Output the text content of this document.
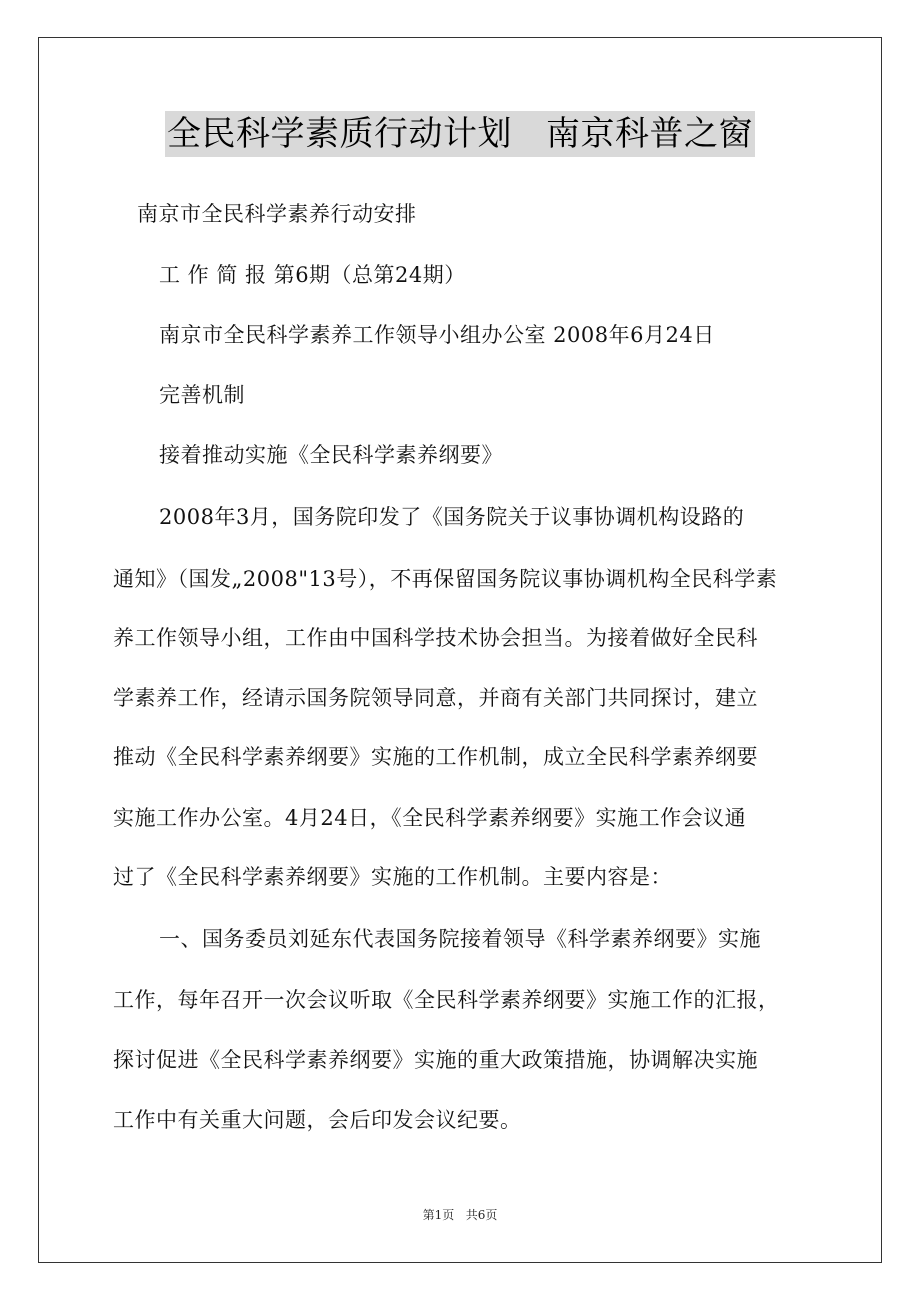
全民科学素质行动计划   南京科普之窗
南京市全民科学素养行动安排
工 作 简 报 第6期（总第24期）
南京市全民科学素养工作领导小组办公室 2008年6月24日
完善机制
接着推动实施《全民科学素养纲要》
2008年3月，国务院印发了《国务院关于议事协调机构设路的
通知》（国发„2008"13号），不再保留国务院议事协调机构全民科学素
养工作领导小组，工作由中国科学技术协会担当。为接着做好全民科
学素养工作，经请示国务院领导同意，并商有关部门共同探讨，建立
推动《全民科学素养纲要》实施的工作机制，成立全民科学素养纲要
实施工作办公室。4月24日，《全民科学素养纲要》实施工作会议通
过了《全民科学素养纲要》实施的工作机制。主要内容是：
一、国务委员刘延东代表国务院接着领导《科学素养纲要》实施
工作，每年召开一次会议听取《全民科学素养纲要》实施工作的汇报，
探讨促进《全民科学素养纲要》实施的重大政策措施，协调解决实施
工作中有关重大问题，会后印发会议纪要。
第1页   共6页
